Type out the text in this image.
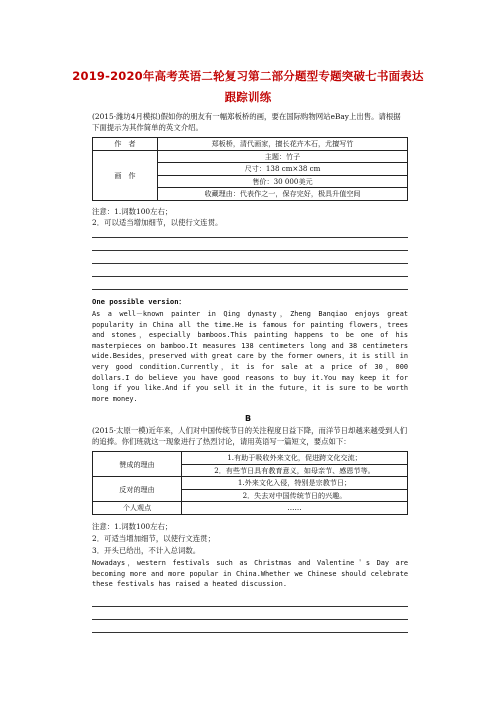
2019-2020年高考英语二轮复习第二部分题型专题突破七书面表达
跟踪训练
(2015·潍坊4月模拟)假如你的朋友有一幅郑板桥的画，要在国际购物网站eBay上出售。请根据下面提示为其作简单的英文介绍。
作　者	郑板桥，清代画家，擅长花卉木石，尤擅写竹
画　作	主题：竹子
	尺寸：138 cm×38 cm
	售价：30 000美元
	收藏理由：代表作之一，保存完好，极具升值空间
注意：1.词数100左右；
2．可以适当增加细节，以使行文连贯。
One possible version：
As a well－known painter in Qing dynasty，Zheng Banqiao enjoys great popularity in China all the time.He is famous for painting flowers，trees and stones，especially bamboos.This painting happens to be one of his masterpieces on bamboo.It measures 138 centimeters long and 38 centimeters wide.Besides，preserved with great care by the former owners，it is still in very good condition.Currently，it is for sale at a price of 30，000 dollars.I do believe you have good reasons to buy it.You may keep it for long if you like.And if you sell it in the future，it is sure to be worth more money.
B
(2015·太原一模)近年来，人们对中国传统节日的关注程度日益下降，而洋节日却越来越受到人们的追捧。你们班就这一现象进行了热烈讨论，请用英语写一篇短文，要点如下：
赞成的理由	1.有助于吸收外来文化，促进跨文化交流；
	2．有些节日具有教育意义，如母亲节、感恩节等。
反对的理由	1.外来文化入侵，特别是宗教节日；
	2．失去对中国传统节日的兴趣。
个人观点	……
注意：1.词数100左右；
2．可适当增加细节，以使行文连贯；
3．开头已给出，不计入总词数。
Nowadays，western festivals such as Christmas and Valentine＇s Day are becoming more and more popular in China.Whether we Chinese should celebrate these festivals has raised a heated discussion.
